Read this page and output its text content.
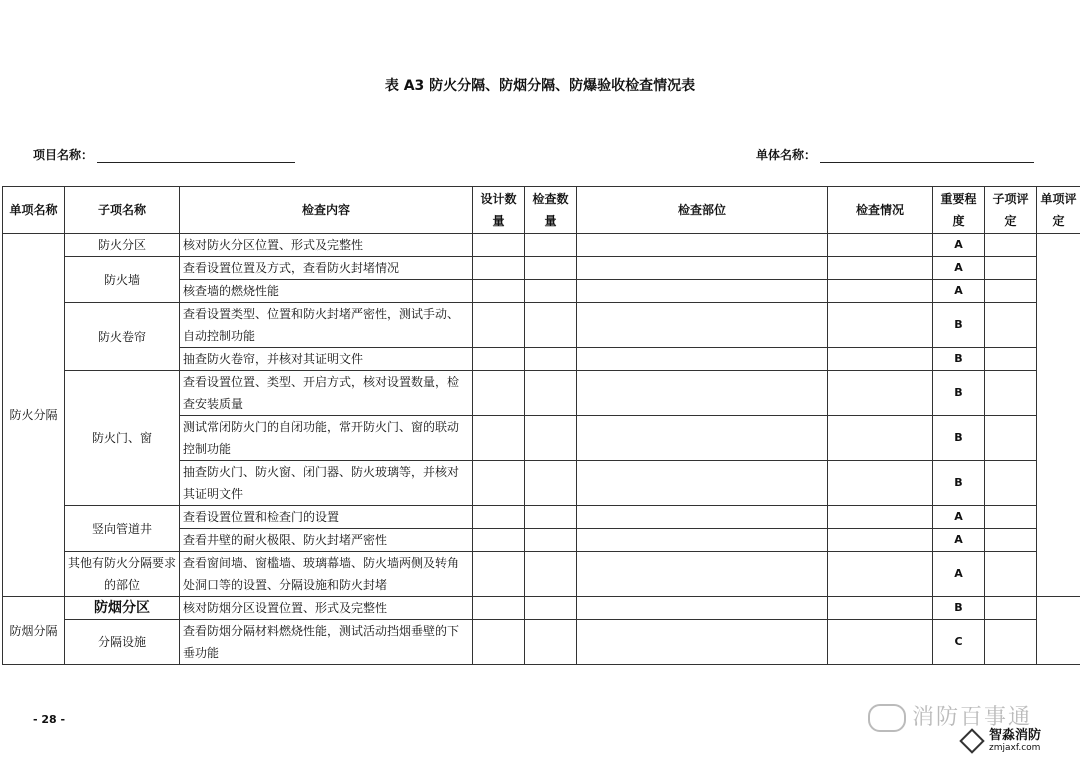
表 A3 防火分隔、防烟分隔、防爆验收检查情况表
项目名称：	单体名称：
单项名称	子项名称	检查内容	设计数量	检查数量	检查部位	检查情况	重要程度	子项评定	单项评定
防火分隔	防火分区	核对防火分区位置、形式及完整性					A		
	防火墙	查看设置位置及方式，查看防火封堵情况					A		
		核查墙的燃烧性能					A		
	防火卷帘	查看设置类型、位置和防火封堵严密性，测试手动、自动控制功能					B		
		抽查防火卷帘，并核对其证明文件					B		
	防火门、窗	查看设置位置、类型、开启方式，核对设置数量，检查安装质量					B		
		测试常闭防火门的自闭功能，常开防火门、窗的联动控制功能					B		
		抽查防火门、防火窗、闭门器、防火玻璃等，并核对其证明文件					B		
	竖向管道井	查看设置位置和检查门的设置					A		
		查看井壁的耐火极限、防火封堵严密性					A		
	其他有防火分隔要求的部位	查看窗间墙、窗槛墙、玻璃幕墙、防火墙两侧及转角处洞口等的设置、分隔设施和防火封堵					A		
防烟分隔	防烟分区	核对防烟分区设置位置、形式及完整性					B		
	分隔设施	查看防烟分隔材料燃烧性能，测试活动挡烟垂壁的下垂功能					C		
- 28 -	消防百事通
智淼消防
zmjaxf.com
